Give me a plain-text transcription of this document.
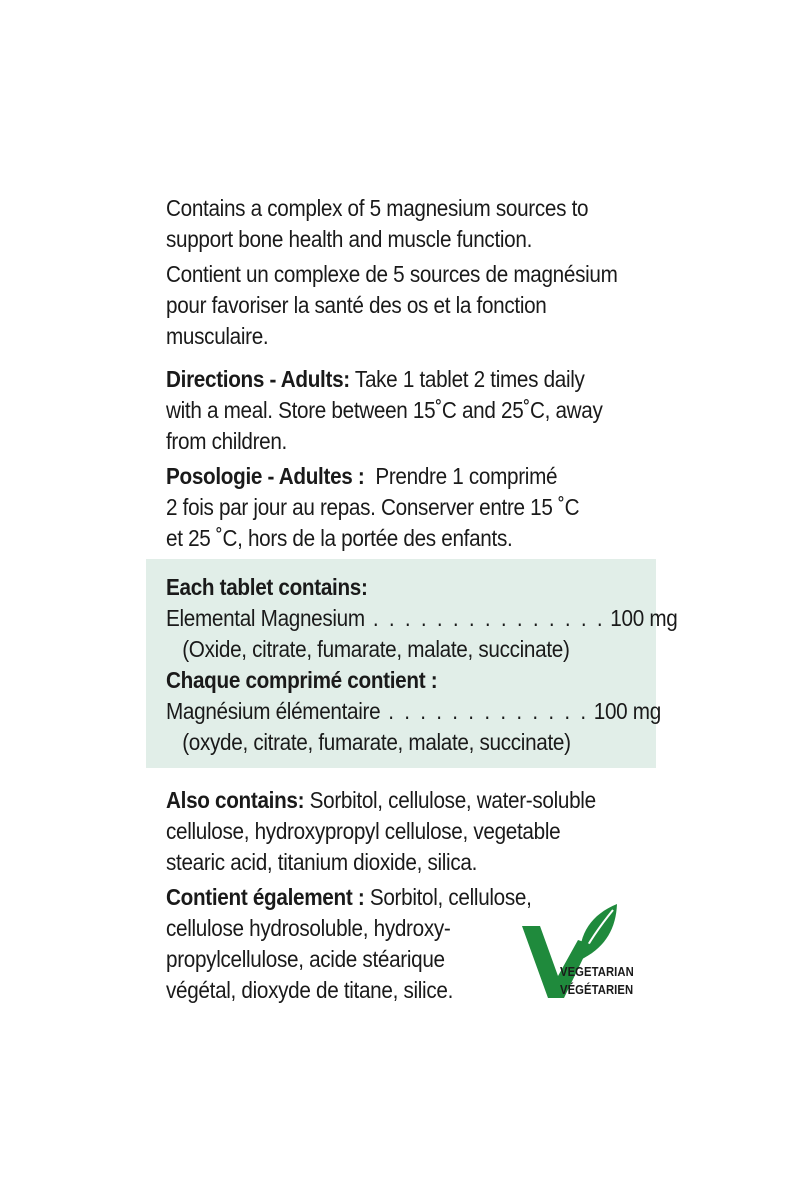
Contains a complex of 5 magnesium sources to
support bone health and muscle function.
Contient un complexe de 5 sources de magnésium
pour favoriser la santé des os et la fonction
musculaire.
Directions - Adults: Take 1 tablet 2 times daily
with a meal. Store between 15˚C and 25˚C, away
from children.
Posologie - Adultes :  Prendre 1 comprimé
2 fois par jour au repas. Conserver entre 15 ˚C
et 25 ˚C, hors de la portée des enfants.
Each tablet contains:
Elemental Magnesium . . . . . . . . . . . . . . . 100 mg
(Oxide, citrate, fumarate, malate, succinate)
Chaque comprimé contient :
Magnésium élémentaire . . . . . . . . . . . . . 100 mg
(oxyde, citrate, fumarate, malate, succinate)
Also contains: Sorbitol, cellulose, water-soluble
cellulose, hydroxypropyl cellulose, vegetable
stearic acid, titanium dioxide, silica.
Contient également : Sorbitol, cellulose,
cellulose hydrosoluble, hydroxy-
propylcellulose, acide stéarique
végétal, dioxyde de titane, silice.
VEGETARIAN
VÉGÉTARIEN
